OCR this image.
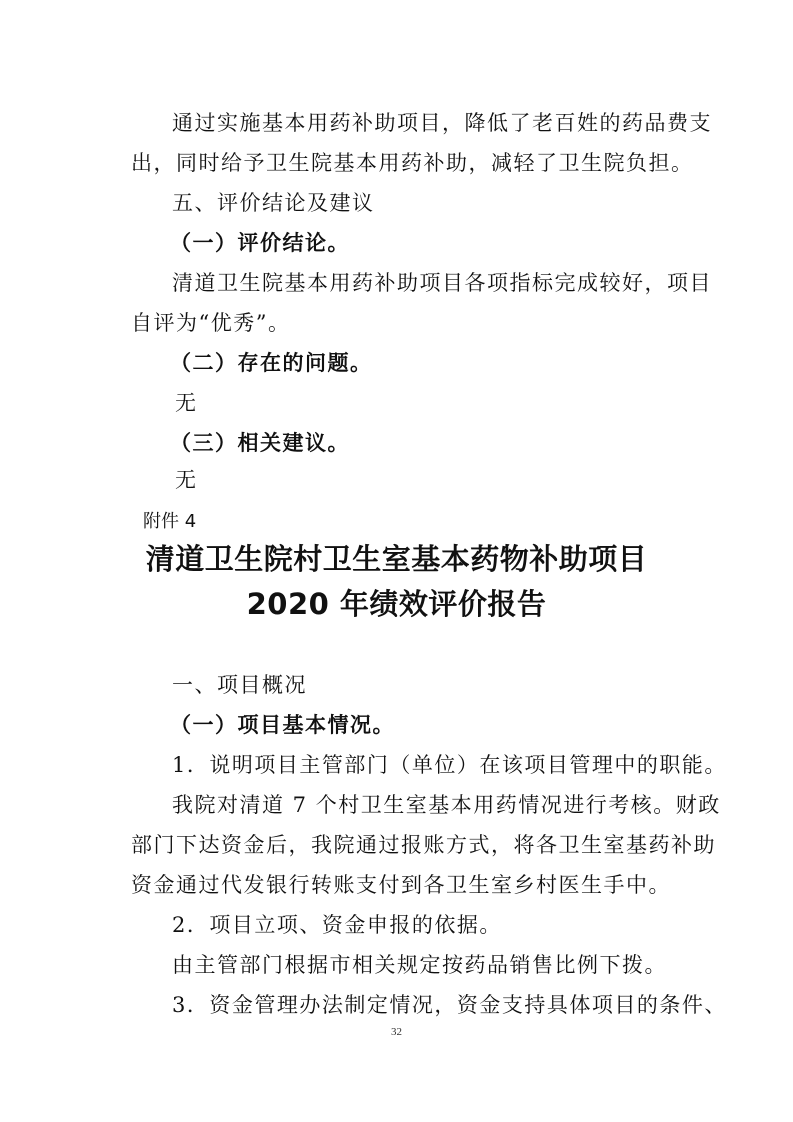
通过实施基本用药补助项目，降低了老百姓的药品费支
出，同时给予卫生院基本用药补助，减轻了卫生院负担。
五、评价结论及建议
（一）评价结论。
清道卫生院基本用药补助项目各项指标完成较好，项目
自评为“优秀”。
（二）存在的问题。
无
（三）相关建议。
无
附件 4
清道卫生院村卫生室基本药物补助项目
2020 年绩效评价报告
一、项目概况
（一）项目基本情况。
1．说明项目主管部门（单位）在该项目管理中的职能。
我院对清道 7 个村卫生室基本用药情况进行考核。财政
部门下达资金后，我院通过报账方式，将各卫生室基药补助
资金通过代发银行转账支付到各卫生室乡村医生手中。
2．项目立项、资金申报的依据。
由主管部门根据市相关规定按药品销售比例下拨。
3．资金管理办法制定情况，资金支持具体项目的条件、
32
